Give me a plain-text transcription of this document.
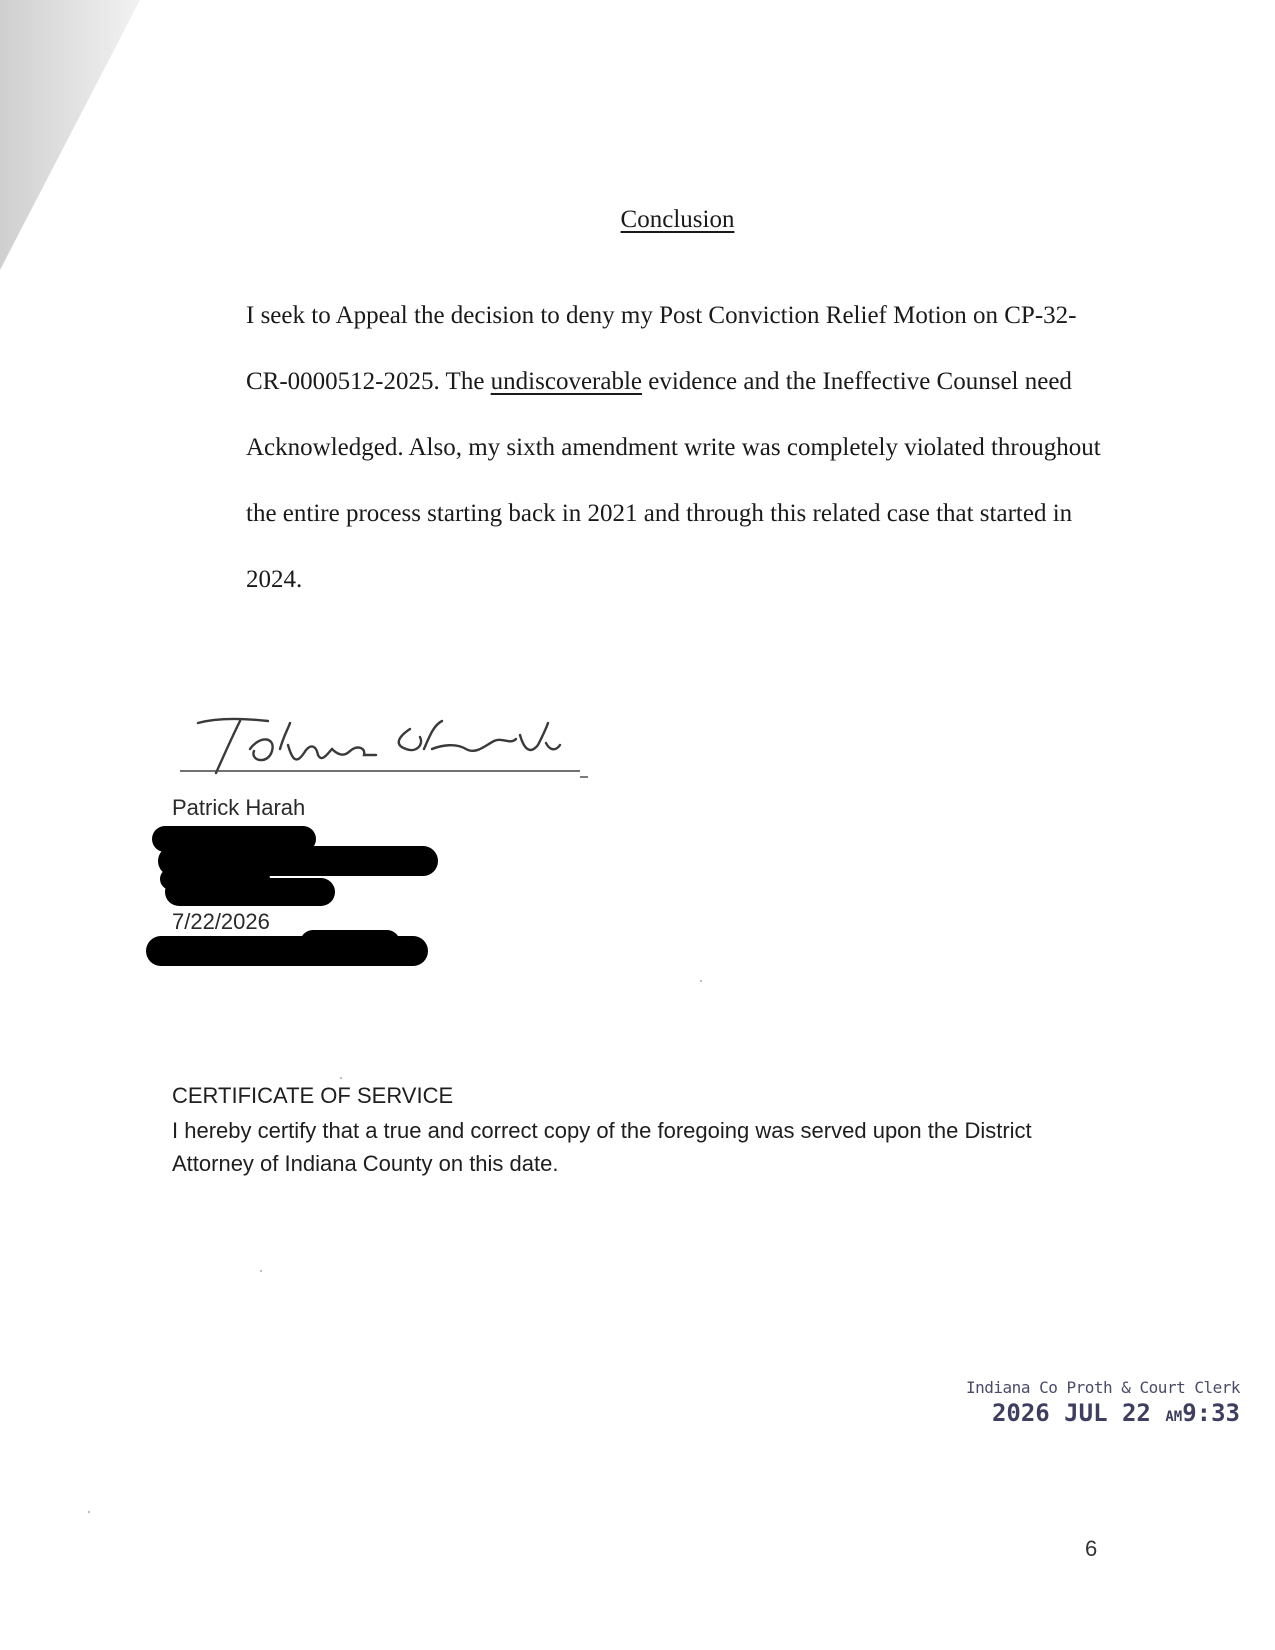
Conclusion

I seek to Appeal the decision to deny my Post Conviction Relief Motion on CP-32-CR-0000512-2025. The undiscoverable evidence and the Ineffective Counsel need Acknowledged. Also, my sixth amendment write was completely violated throughout the entire process starting back in 2021 and through this related case that started in 2024.

Patrick Harah
7/22/2026
CERTIFICATE OF SERVICE
I hereby certify that a true and correct copy of the foregoing was served upon the District Attorney of Indiana County on this date.
Indiana Co Proth & Court Clerk
2026 JUL 22 AM9:33
6
